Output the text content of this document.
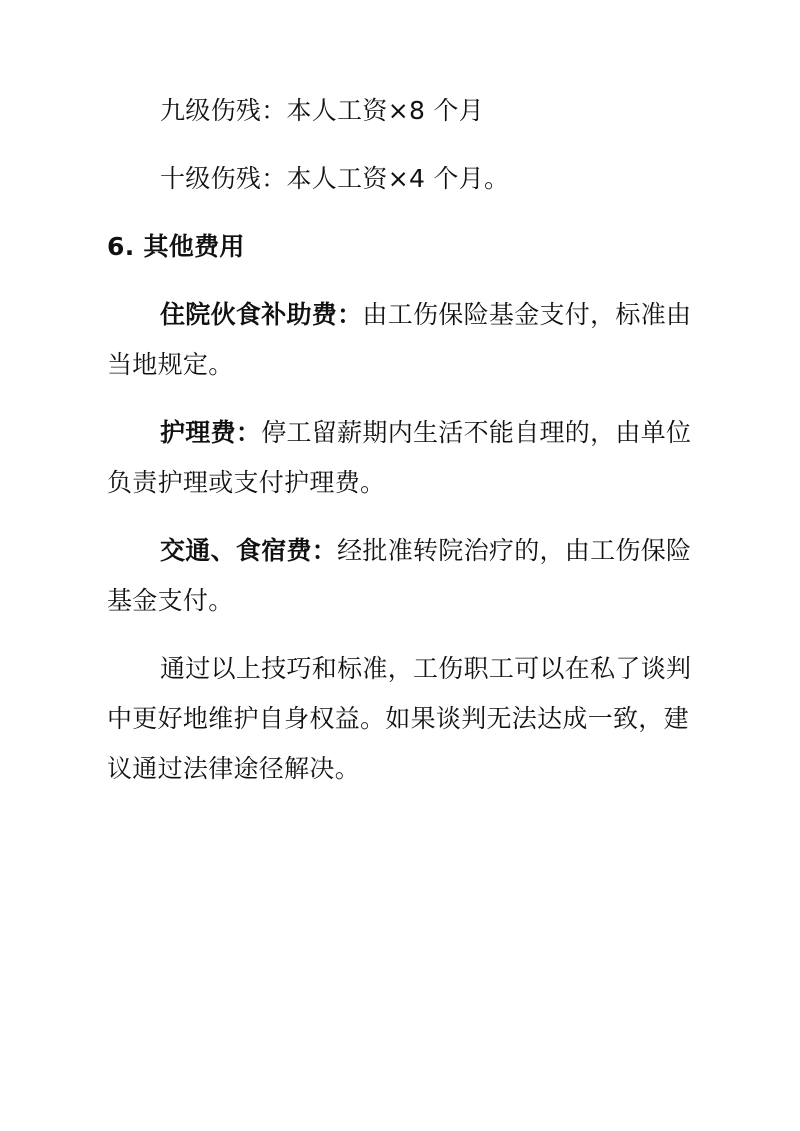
九级伤残：本人工资×8 个月

十级伤残：本人工资×4 个月。

6. 其他费用

住院伙食补助费：由工伤保险基金支付，标准由当地规定。

护理费：停工留薪期内生活不能自理的，由单位负责护理或支付护理费。

交通、食宿费：经批准转院治疗的，由工伤保险基金支付。

通过以上技巧和标准，工伤职工可以在私了谈判中更好地维护自身权益。如果谈判无法达成一致，建议通过法律途径解决。
